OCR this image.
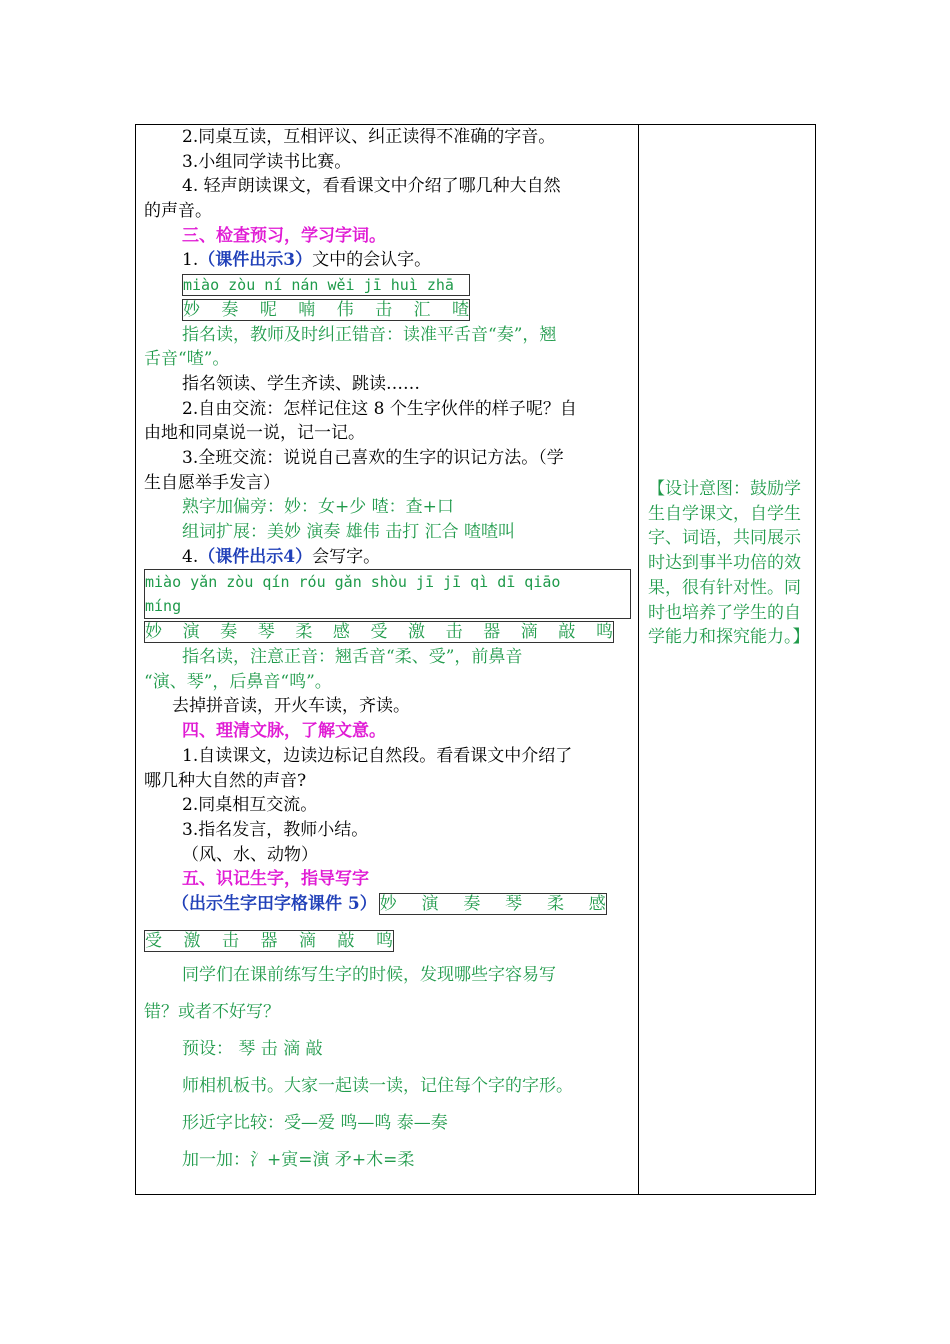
2.同桌互读，互相评议、纠正读得不准确的字音。
3.小组同学读书比赛。
4. 轻声朗读课文，看看课文中介绍了哪几种大自然
的声音。
三、检查预习，学习字词。
1.（课件出示3）文中的会认字。
miào zòu ní nán wěi jī huì zhā
妙 奏 呢 喃 伟 击 汇 喳
指名读，教师及时纠正错音：读准平舌音“奏”，翘
舌音“喳”。
指名领读、学生齐读、跳读……
2.自由交流：怎样记住这 8 个生字伙伴的样子呢？自
由地和同桌说一说，记一记。
3.全班交流：说说自己喜欢的生字的识记方法。（学
生自愿举手发言）
熟字加偏旁：妙：女+少 喳：查+口
组词扩展：美妙 演奏 雄伟 击打 汇合 喳喳叫
4.（课件出示4）会写字。
miào yǎn zòu qín róu gǎn shòu jī jī qì dī qiāo
míng
妙 演 奏 琴 柔 感 受 激 击 器 滴 敲 鸣
指名读，注意正音：翘舌音“柔、受”，前鼻音
“演、琴”，后鼻音“鸣”。
去掉拼音读，开火车读，齐读。
四、理清文脉，了解文意。
1.自读课文，边读边标记自然段。看看课文中介绍了
哪几种大自然的声音?
2.同桌相互交流。
3.指名发言，教师小结。
（风、水、动物）
五、识记生字，指导写字
（出示生字田字格课件 5） 妙 演 奏 琴 柔 感
受 激 击 器 滴 敲 鸣
同学们在课前练写生字的时候，发现哪些字容易写
错？或者不好写？
预设： 琴 击 滴 敲
师相机板书。大家一起读一读，记住每个字的字形。
形近字比较：受—爱 鸣—鸣 泰—奏
加一加：氵+寅=演 矛+木=柔
【设计意图：鼓励学生自学课文，自学生字、词语，共同展示时达到事半功倍的效果，很有针对性。同时也培养了学生的自学能力和探究能力。】
